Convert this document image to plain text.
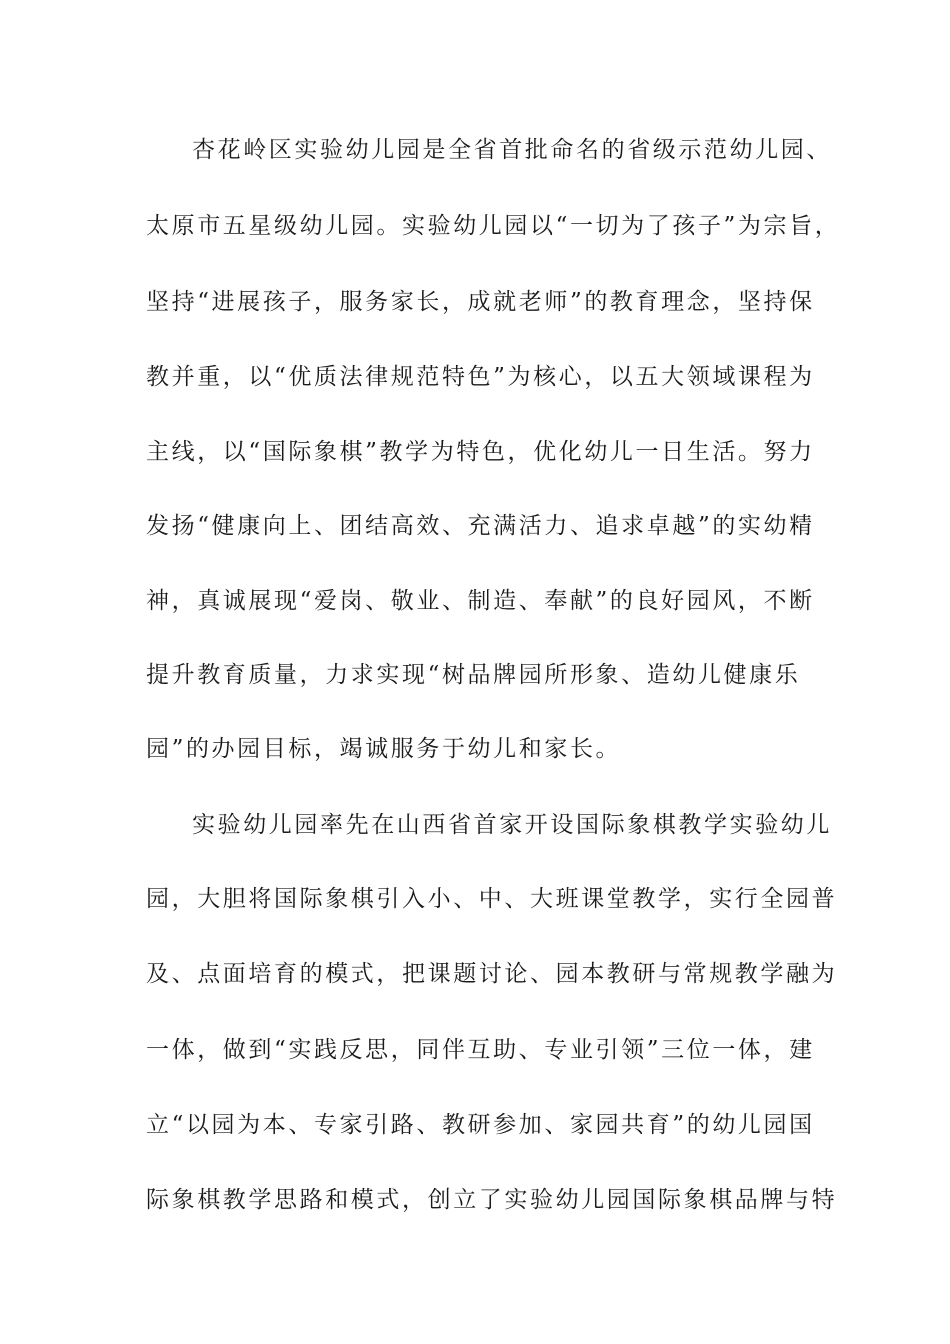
杏花岭区实验幼儿园是全省首批命名的省级示范幼儿园、
太原市五星级幼儿园。实验幼儿园以“一切为了孩子”为宗旨，
坚持“进展孩子，服务家长，成就老师”的教育理念，坚持保
教并重，以“优质法律规范特色”为核心，以五大领域课程为
主线，以“国际象棋”教学为特色，优化幼儿一日生活。努力
发扬“健康向上、团结高效、充满活力、追求卓越”的实幼精
神，真诚展现“爱岗、敬业、制造、奉献”的良好园风，不断
提升教育质量，力求实现“树品牌园所形象、造幼儿健康乐
园”的办园目标，竭诚服务于幼儿和家长。
实验幼儿园率先在山西省首家开设国际象棋教学实验幼儿
园，大胆将国际象棋引入小、中、大班课堂教学，实行全园普
及、点面培育的模式，把课题讨论、园本教研与常规教学融为
一体，做到“实践反思，同伴互助、专业引领”三位一体，建
立“以园为本、专家引路、教研参加、家园共育”的幼儿园国
际象棋教学思路和模式，创立了实验幼儿园国际象棋品牌与特
